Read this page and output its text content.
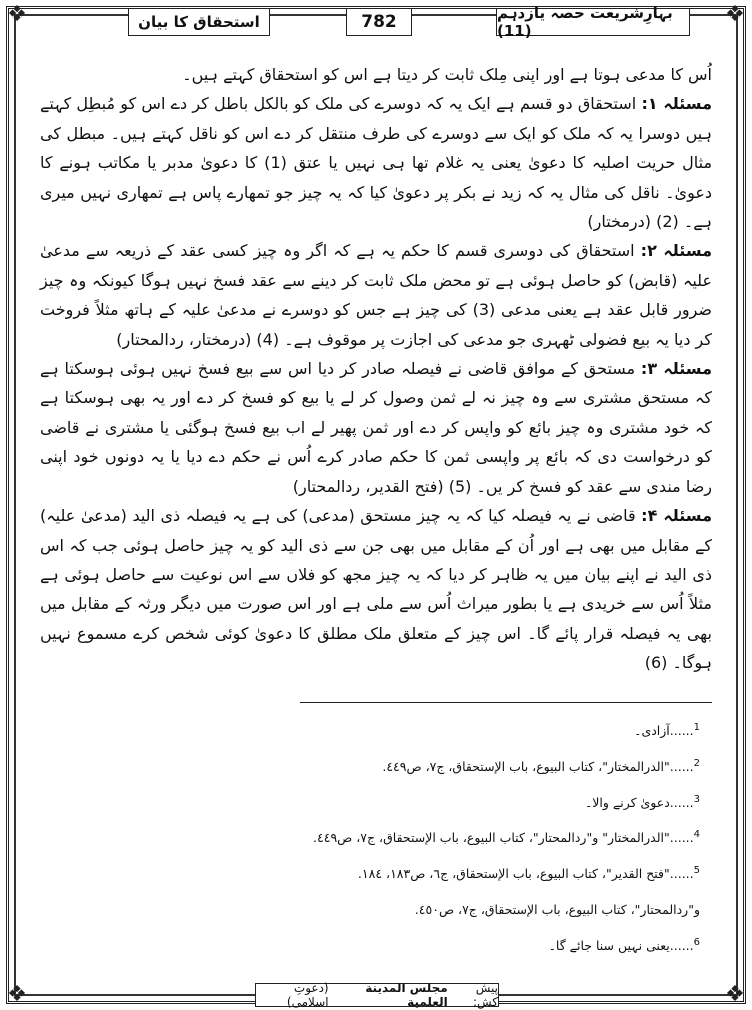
❖	❖
❖	❖
استحقاق کا بیان	782	بہارِشریعت حصہ یازدہم (11)

اُس کا مدعی ہوتا ہے اور اپنی مِلک ثابت کر دیتا ہے اس کو استحقاق کہتے ہیں۔

مسئلہ ۱: استحقاق دو قسم ہے ایک یہ کہ دوسرے کی ملک کو بالکل باطل کر دے اس کو مُبطِل کہتے ہیں دوسرا یہ کہ ملک کو ایک سے دوسرے کی طرف منتقل کر دے اس کو ناقل کہتے ہیں۔ مبطل کی مثال حریت اصلیہ کا دعویٰ یعنی یہ غلام تھا ہی نہیں یا عتق (1) کا دعویٰ مدبر یا مکاتب ہونے کا دعویٰ۔ ناقل کی مثال یہ کہ زید نے بکر پر دعویٰ کیا کہ یہ چیز جو تمھارے پاس ہے تمھاری نہیں میری ہے۔ (2) (درمختار)

مسئلہ ۲: استحقاق کی دوسری قسم کا حکم یہ ہے کہ اگر وہ چیز کسی عقد کے ذریعہ سے مدعیٰ علیہ (قابض) کو حاصل ہوئی ہے تو محض ملک ثابت کر دینے سے عقد فسخ نہیں ہوگا کیونکہ وہ چیز ضرور قابل عقد ہے یعنی مدعی (3) کی چیز ہے جس کو دوسرے نے مدعیٰ علیہ کے ہاتھ مثلاً فروخت کر دیا یہ بیع فضولی ٹھہری جو مدعی کی اجازت پر موقوف ہے۔ (4) (درمختار، ردالمحتار)

مسئلہ ۳: مستحق کے موافق قاضی نے فیصلہ صادر کر دیا اس سے بیع فسخ نہیں ہوئی ہوسکتا ہے کہ مستحق مشتری سے وہ چیز نہ لے ثمن وصول کر لے یا بیع کو فسخ کر دے اور یہ بھی ہوسکتا ہے کہ خود مشتری وہ چیز بائع کو واپس کر دے اور ثمن پھیر لے اب بیع فسخ ہوگئی یا مشتری نے قاضی کو درخواست دی کہ بائع پر واپسی ثمن کا حکم صادر کرے اُس نے حکم دے دیا یا یہ دونوں خود اپنی رضا مندی سے عقد کو فسخ کر یں۔ (5) (فتح القدیر، ردالمحتار)

مسئلہ ۴: قاضی نے یہ فیصلہ کیا کہ یہ چیز مستحق (مدعی) کی ہے یہ فیصلہ ذی الید (مدعیٰ علیہ) کے مقابل میں بھی ہے اور اُن کے مقابل میں بھی جن سے ذی الید کو یہ چیز حاصل ہوئی جب کہ اس ذی الید نے اپنے بیان میں یہ ظاہر کر دیا کہ یہ چیز مجھ کو فلاں سے اس نوعیت سے حاصل ہوئی ہے مثلاً اُس سے خریدی ہے یا بطور میراث اُس سے ملی ہے اور اس صورت میں دیگر ورثہ کے مقابل میں بھی یہ فیصلہ قرار پائے گا۔ اس چیز کے متعلق ملک مطلق کا دعویٰ کوئی شخص کرے مسموع نہیں ہوگا۔ (6)

$^1$......آزادی۔

$^2$......"الدرالمختار"، کتاب البیوع، باب الإستحقاق، ج۷، ص٤٤٩.

$^3$......دعویٰ کرنے والا۔

$^4$......"الدرالمختار" و"ردالمحتار"، کتاب البیوع، باب الإستحقاق، ج۷، ص٤٤٩.

$^5$......"فتح القدیر"، کتاب البیوع، باب الإستحقاق، ج٦، ص١٨٣، ١٨٤.

و"ردالمحتار"، کتاب البیوع، باب الإستحقاق، ج۷، ص٤٥٠.

$^6$......یعنی نہیں سنا جائے گا۔

پیش کش:
مجلس المدينة العلمية
(دعوتِ اسلامی)
